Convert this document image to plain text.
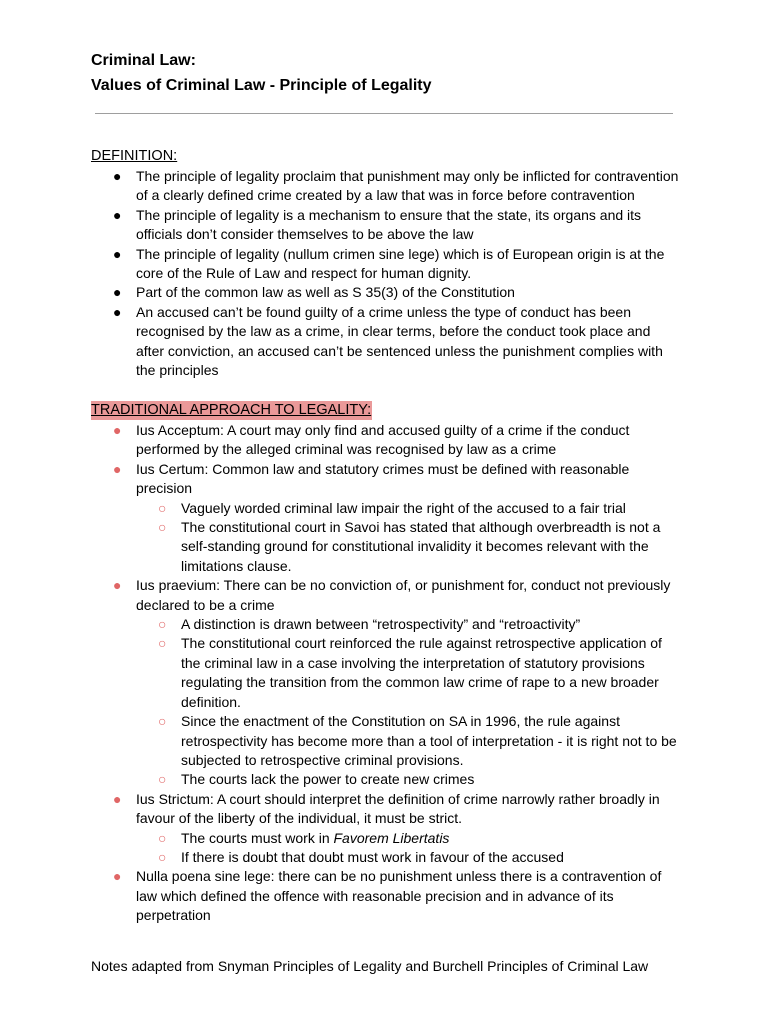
Criminal Law:
Values of Criminal Law - Principle of Legality

DEFINITION:

● The principle of legality proclaim that punishment may only be inflicted for contravention of a clearly defined crime created by a law that was in force before contravention
● The principle of legality is a mechanism to ensure that the state, its organs and its officials don’t consider themselves to be above the law
● The principle of legality (nullum crimen sine lege) which is of European origin is at the core of the Rule of Law and respect for human dignity.
● Part of the common law as well as S 35(3) of the Constitution
● An accused can’t be found guilty of a crime unless the type of conduct has been recognised by the law as a crime, in clear terms, before the conduct took place and after conviction, an accused can’t be sentenced unless the punishment complies with the principles

TRADITIONAL APPROACH TO LEGALITY:

● Ius Acceptum: A court may only find and accused guilty of a crime if the conduct performed by the alleged criminal was recognised by law as a crime
● Ius Certum: Common law and statutory crimes must be defined with reasonable precision
○ Vaguely worded criminal law impair the right of the accused to a fair trial
○ The constitutional court in Savoi has stated that although overbreadth is not a self-standing ground for constitutional invalidity it becomes relevant with the limitations clause.
● Ius praevium: There can be no conviction of, or punishment for, conduct not previously declared to be a crime
○ A distinction is drawn between “retrospectivity” and “retroactivity”
○ The constitutional court reinforced the rule against retrospective application of the criminal law in a case involving the interpretation of statutory provisions regulating the transition from the common law crime of rape to a new broader definition.
○ Since the enactment of the Constitution on SA in 1996, the rule against retrospectivity has become more than a tool of interpretation - it is right not to be subjected to retrospective criminal provisions.
○ The courts lack the power to create new crimes
● Ius Strictum: A court should interpret the definition of crime narrowly rather broadly in favour of the liberty of the individual, it must be strict.
○ The courts must work in Favorem Libertatis
○ If there is doubt that doubt must work in favour of the accused
● Nulla poena sine lege: there can be no punishment unless there is a contravention of law which defined the offence with reasonable precision and in advance of its perpetration

Notes adapted from Snyman Principles of Legality and Burchell Principles of Criminal Law
